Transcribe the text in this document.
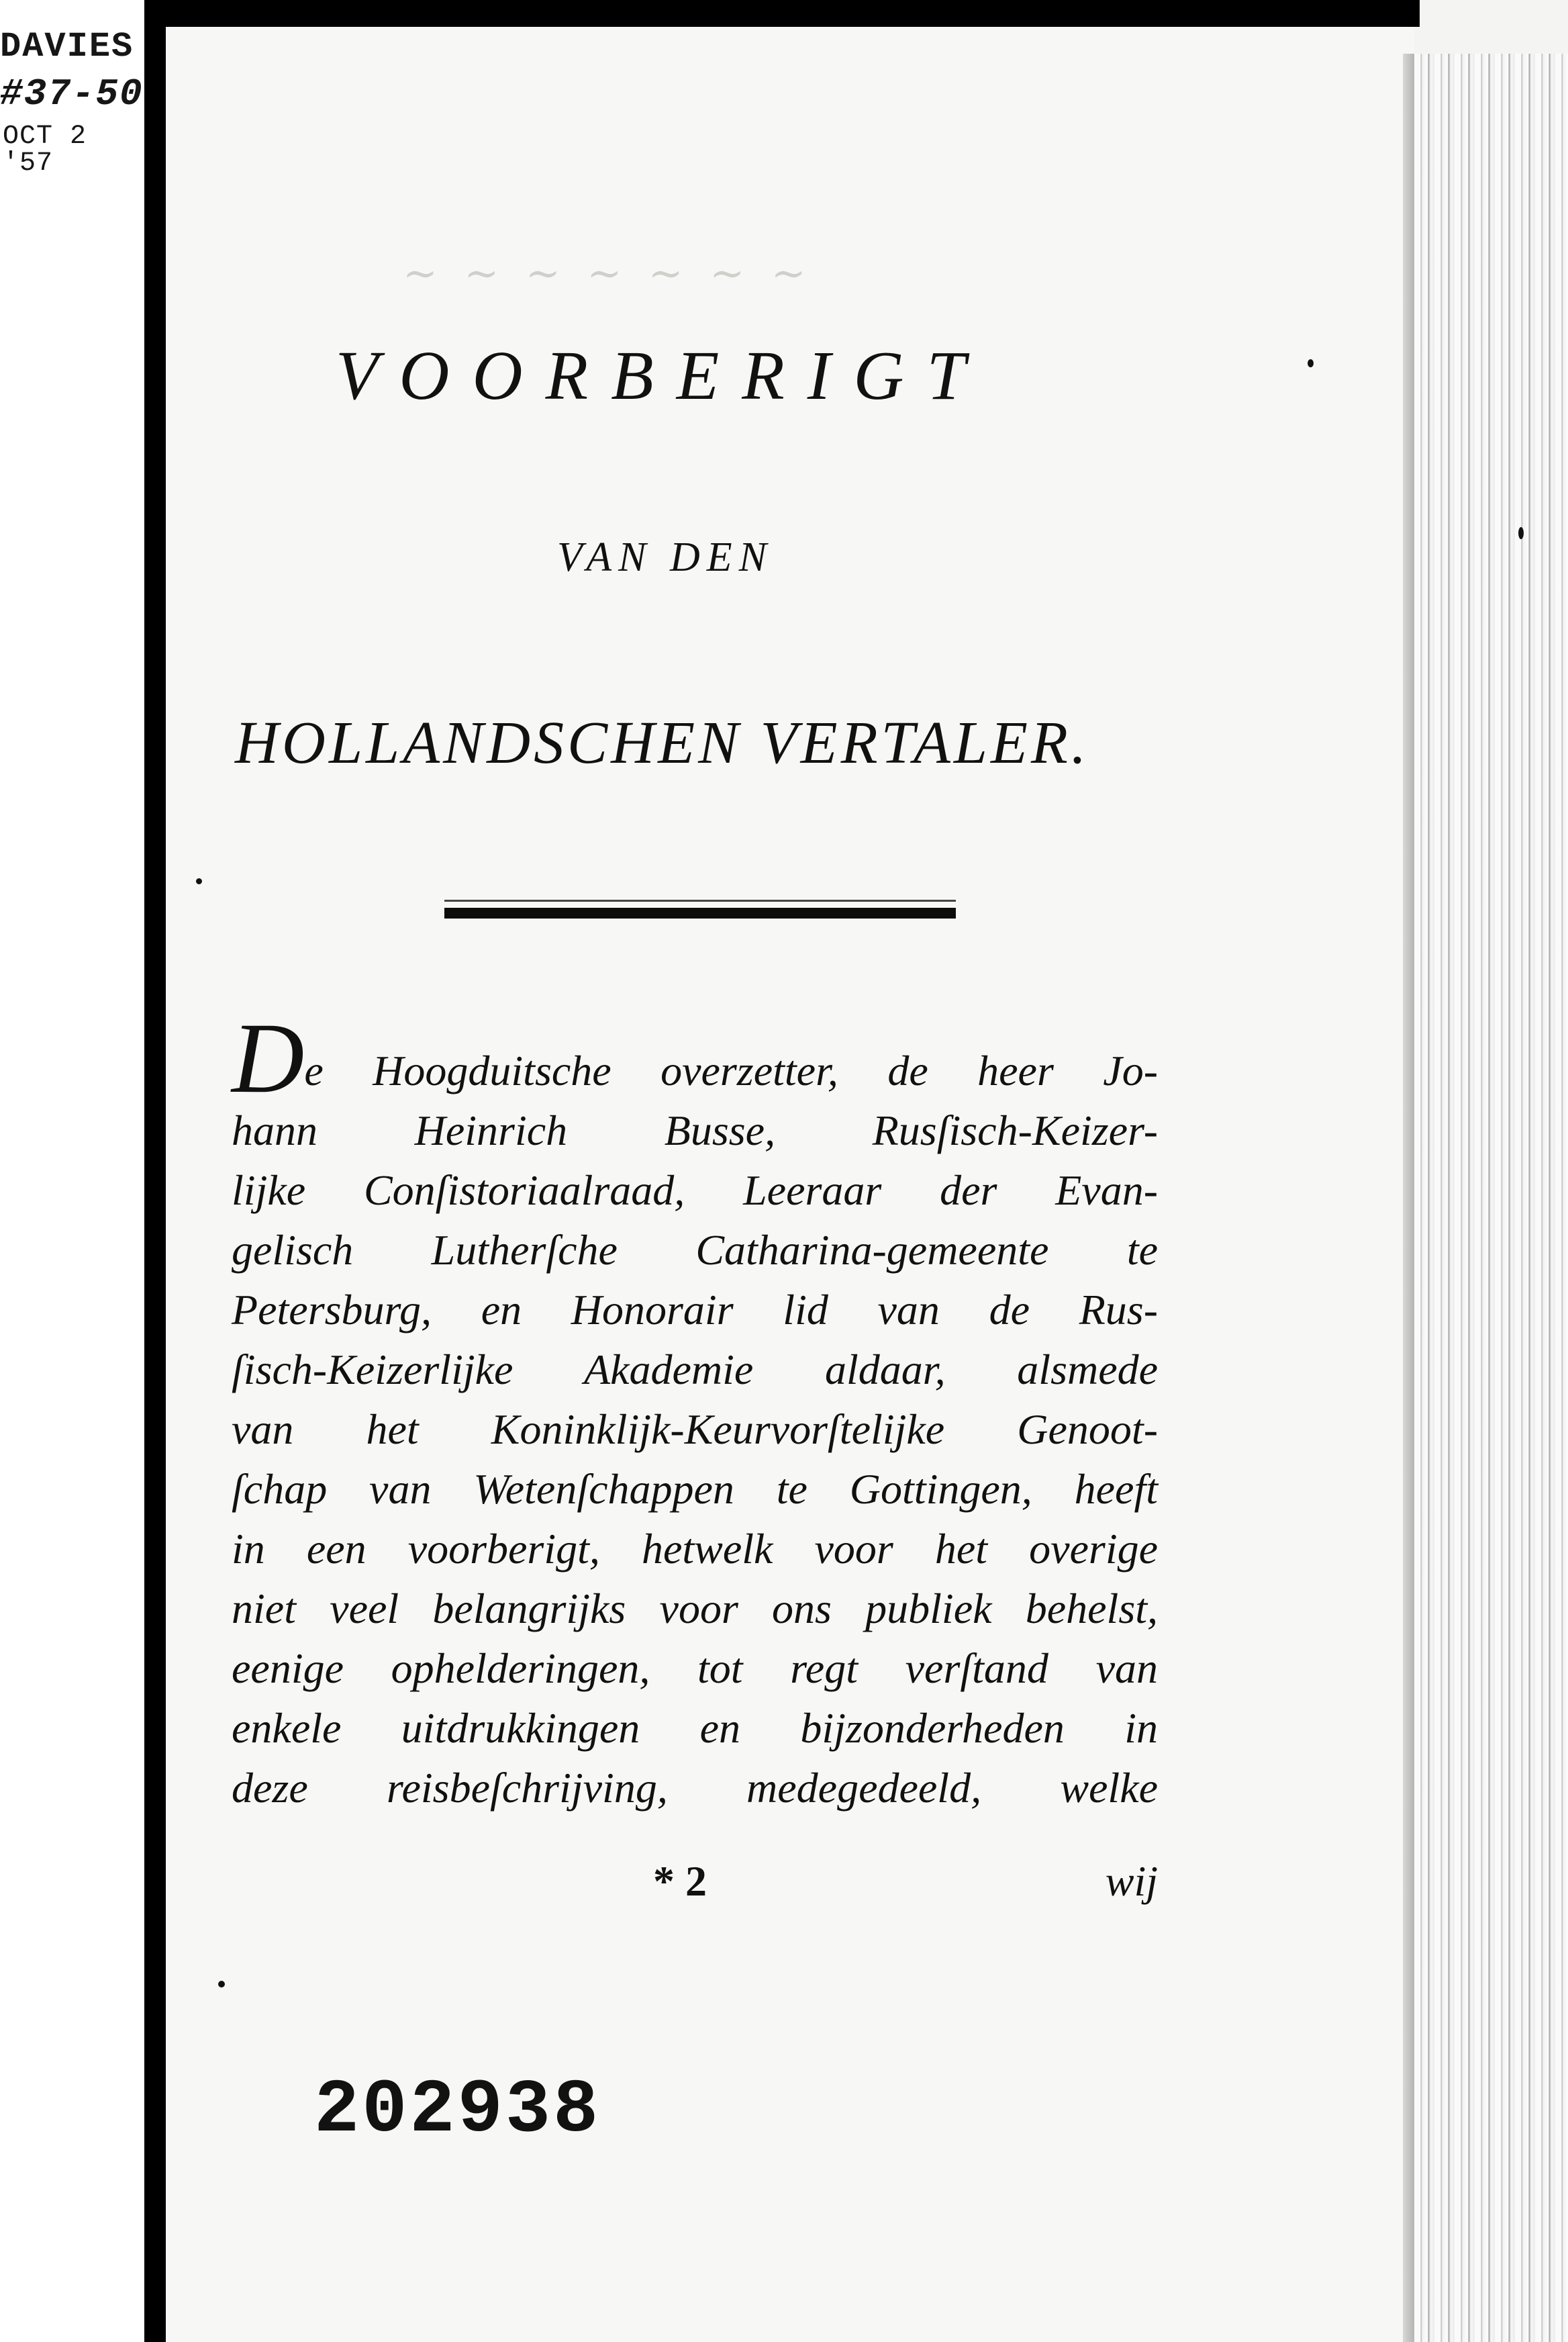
DAVIES
#37-50
OCT 2 '57
∼ ∼ ∼ ∼ ∼ ∼ ∼
VOORBERIGT
VAN DEN
HOLLANDSCHEN VERTALER.
De Hoogduitsche overzetter, de heer Jo-
hann Heinrich Busse, Rusſisch-Keizer-
lijke Conſistoriaalraad, Leeraar der Evan-
gelisch Lutherſche Catharina-gemeente te
Petersburg, en Honorair lid van de Rus-
ſisch-Keizerlijke Akademie aldaar, alsmede
van het Koninklijk-Keurvorſtelijke Genoot-
ſchap van Wetenſchappen te Gottingen, heeft
in een voorberigt, hetwelk voor het overige
niet veel belangrijks voor ons publiek behelst,
eenige ophelderingen, tot regt verſtand van
enkele uitdrukkingen en bijzonderheden in
deze reisbeſchrijving, medegedeeld, welke
* 2	wij
202938
